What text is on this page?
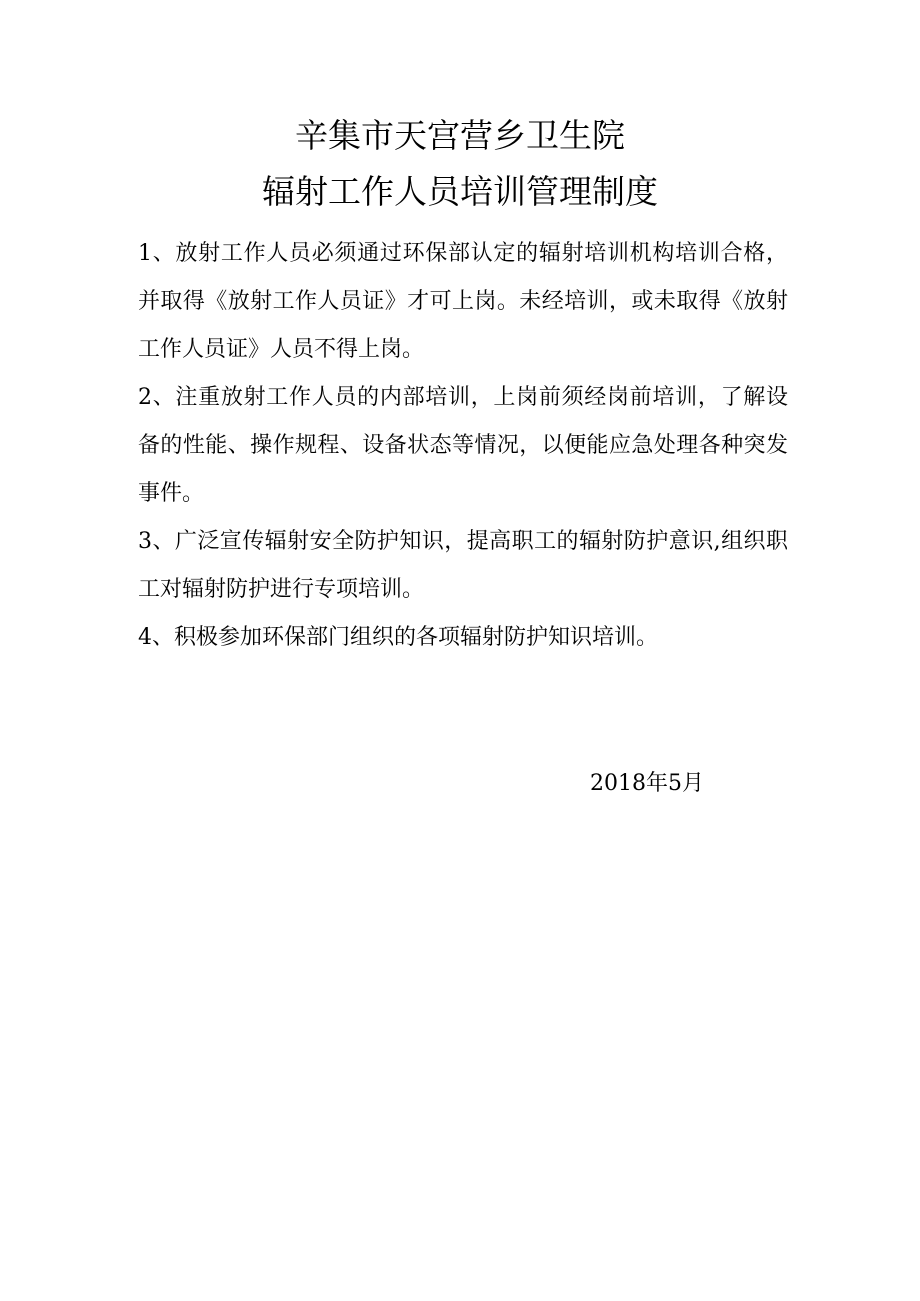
辛集市天宫营乡卫生院
辐射工作人员培训管理制度

1、放射工作人员必须通过环保部认定的辐射培训机构培训合格，并取得《放射工作人员证》才可上岗。未经培训，或未取得《放射工作人员证》人员不得上岗。

2、注重放射工作人员的内部培训，上岗前须经岗前培训，了解设备的性能、操作规程、设备状态等情况，以便能应急处理各种突发事件。

3、广泛宣传辐射安全防护知识，提高职工的辐射防护意识,组织职工对辐射防护进行专项培训。

4、积极参加环保部门组织的各项辐射防护知识培训。

2018年5月
